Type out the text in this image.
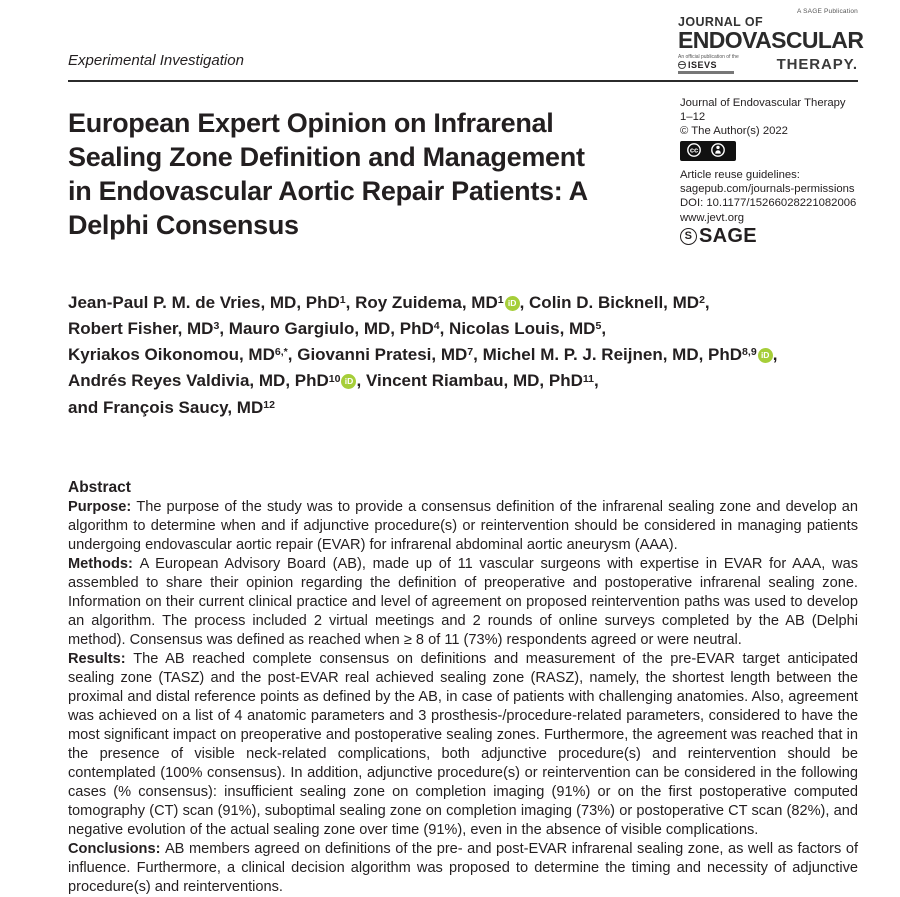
Experimental Investigation
A SAGE Publication
JOURNAL OF
ENDOVASCULAR
An official publication of the
ISEVS	THERAPY.
European Expert Opinion on Infrarenal
Sealing Zone Definition and Management
in Endovascular Aortic Repair Patients: A
Delphi Consensus
Journal of Endovascular Therapy
1–12
© The Author(s) 2022
cc
Article reuse guidelines:
sagepub.com/journals-permissions
DOI: 10.1177/15266028221082006
www.jevt.org
S SAGE
Jean-Paul P. M. de Vries, MD, PhD$^1$, Roy Zuidema, $MD^1$ iD , Colin D. Bicknell, $MD^2$,
Robert Fisher, $MD^3$, Mauro Gargiulo, MD, PhD$^4$, Nicolas Louis, $MD^5$,
Kyriakos Oikonomou, $MD^{6,*}$, Giovanni Pratesi, $MD^7$, Michel M. P. J. Reijnen, MD, PhD$^{8,9}$ iD ,
Andrés Reyes Valdivia, MD, PhD$^{10}$ iD , Vincent Riambau, MD, PhD$^{11}$,
and François Saucy, MD$^{12}$
Abstract

Purpose: The purpose of the study was to provide a consensus definition of the infrarenal sealing zone and develop an algorithm to determine when and if adjunctive procedure(s) or reintervention should be considered in managing patients undergoing endovascular aortic repair (EVAR) for infrarenal abdominal aortic aneurysm (AAA).

Methods: A European Advisory Board (AB), made up of 11 vascular surgeons with expertise in EVAR for AAA, was assembled to share their opinion regarding the definition of preoperative and postoperative infrarenal sealing zone. Information on their current clinical practice and level of agreement on proposed reintervention paths was used to develop an algorithm. The process included 2 virtual meetings and 2 rounds of online surveys completed by the AB (Delphi method). Consensus was defined as reached when ≥ 8 of 11 (73%) respondents agreed or were neutral.

Results: The AB reached complete consensus on definitions and measurement of the pre-EVAR target anticipated sealing zone (TASZ) and the post-EVAR real achieved sealing zone (RASZ), namely, the shortest length between the proximal and distal reference points as defined by the AB, in case of patients with challenging anatomies. Also, agreement was achieved on a list of 4 anatomic parameters and 3 prosthesis-/procedure-related parameters, considered to have the most significant impact on preoperative and postoperative sealing zones. Furthermore, the agreement was reached that in the presence of visible neck-related complications, both adjunctive procedure(s) and reintervention should be contemplated (100% consensus). In addition, adjunctive procedure(s) or reintervention can be considered in the following cases (% consensus): insufficient sealing zone on completion imaging (91%) or on the first postoperative computed tomography (CT) scan (91%), suboptimal sealing zone on completion imaging (73%) or postoperative CT scan (82%), and negative evolution of the actual sealing zone over time (91%), even in the absence of visible complications.

Conclusions: AB members agreed on definitions of the pre- and post-EVAR infrarenal sealing zone, as well as factors of influence. Furthermore, a clinical decision algorithm was proposed to determine the timing and necessity of adjunctive procedure(s) and reinterventions.
